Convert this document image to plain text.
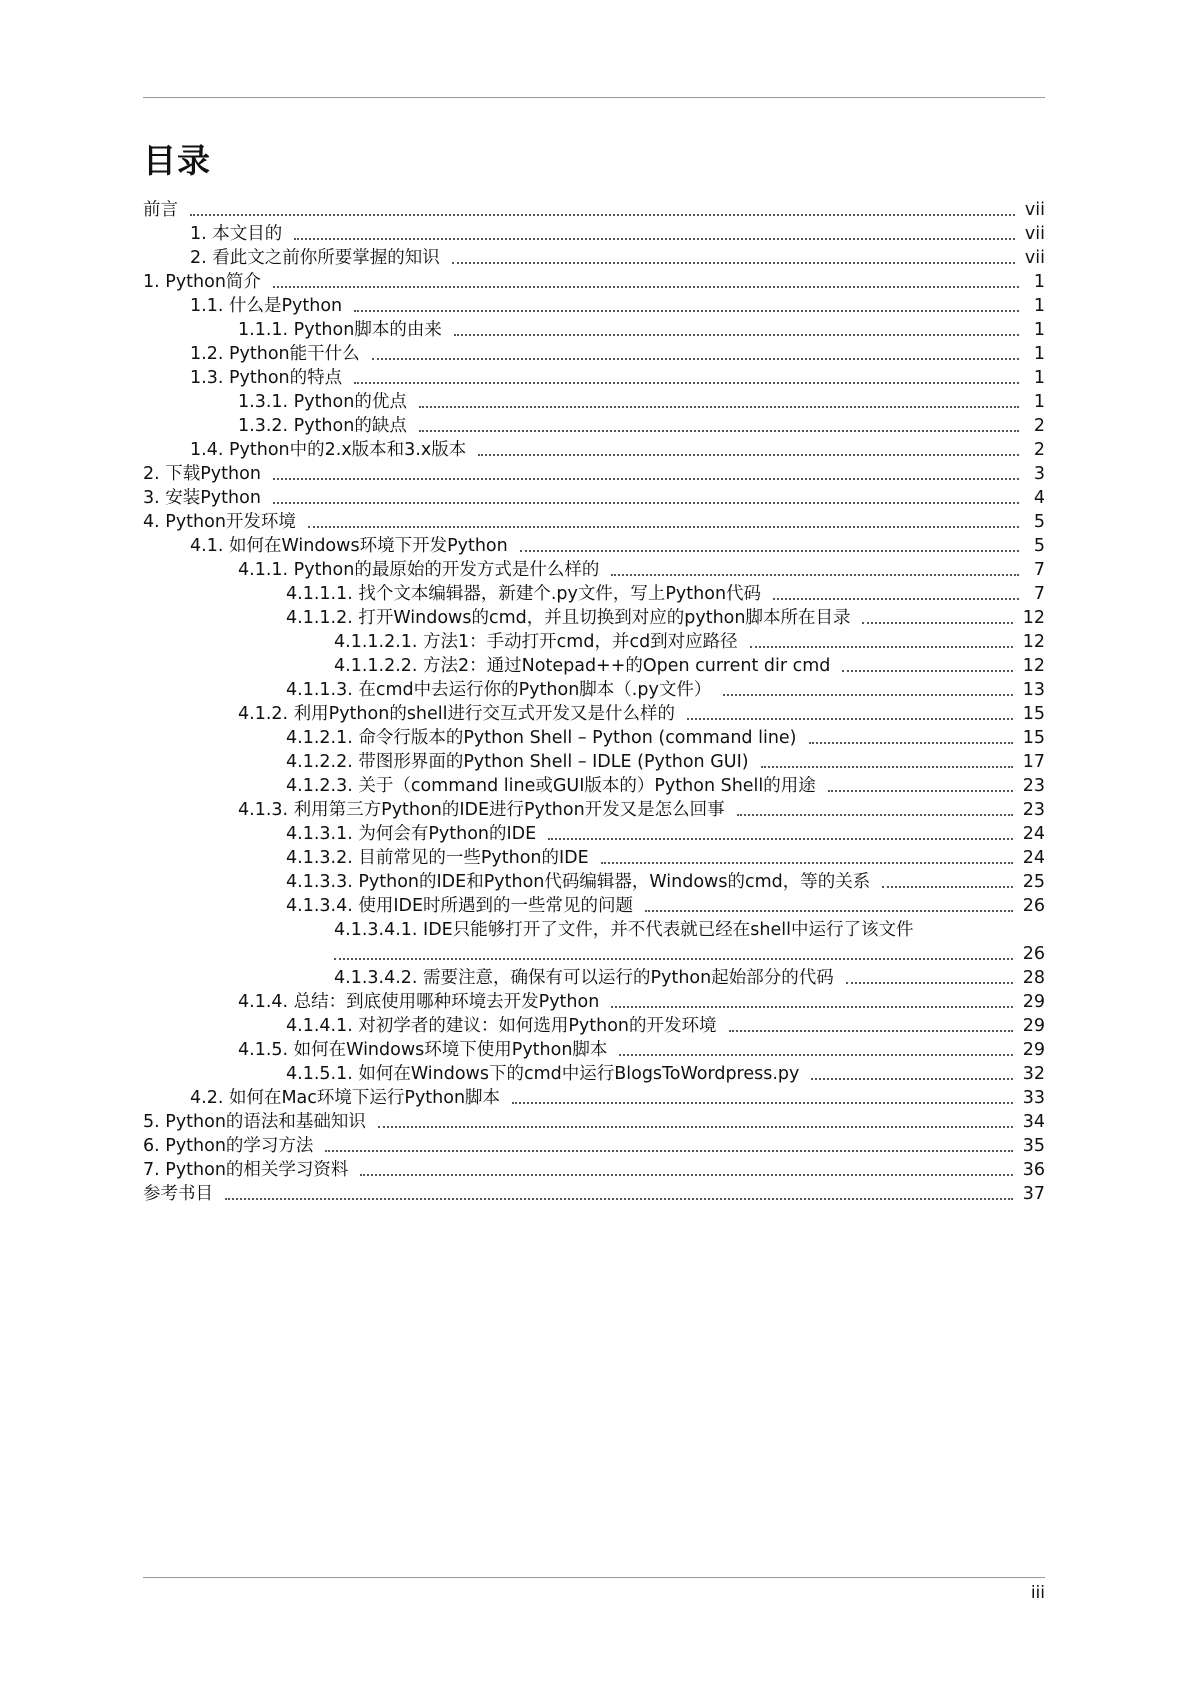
目录
前言	vii
1. 本文目的	vii
2. 看此文之前你所要掌握的知识	vii
1. Python简介	1
1.1. 什么是Python	1
1.1.1. Python脚本的由来	1
1.2. Python能干什么	1
1.3. Python的特点	1
1.3.1. Python的优点	1
1.3.2. Python的缺点	2
1.4. Python中的2.x版本和3.x版本	2
2. 下载Python	3
3. 安装Python	4
4. Python开发环境	5
4.1. 如何在Windows环境下开发Python	5
4.1.1. Python的最原始的开发方式是什么样的	7
4.1.1.1. 找个文本编辑器，新建个.py文件，写上Python代码	7
4.1.1.2. 打开Windows的cmd，并且切换到对应的python脚本所在目录	12
4.1.1.2.1. 方法1：手动打开cmd，并cd到对应路径	12
4.1.1.2.2. 方法2：通过Notepad++的Open current dir cmd	12
4.1.1.3. 在cmd中去运行你的Python脚本（.py文件）	13
4.1.2. 利用Python的shell进行交互式开发又是什么样的	15
4.1.2.1. 命令行版本的Python Shell – Python (command line)	15
4.1.2.2. 带图形界面的Python Shell – IDLE (Python GUI)	17
4.1.2.3. 关于（command line或GUI版本的）Python Shell的用途	23
4.1.3. 利用第三方Python的IDE进行Python开发又是怎么回事	23
4.1.3.1. 为何会有Python的IDE	24
4.1.3.2. 目前常见的一些Python的IDE	24
4.1.3.3. Python的IDE和Python代码编辑器，Windows的cmd，等的关系	25
4.1.3.4. 使用IDE时所遇到的一些常见的问题	26
4.1.3.4.1. IDE只能够打开了文件，并不代表就已经在shell中运行了该文件
26
4.1.3.4.2. 需要注意，确保有可以运行的Python起始部分的代码	28
4.1.4. 总结：到底使用哪种环境去开发Python	29
4.1.4.1. 对初学者的建议：如何选用Python的开发环境	29
4.1.5. 如何在Windows环境下使用Python脚本	29
4.1.5.1. 如何在Windows下的cmd中运行BlogsToWordpress.py	32
4.2. 如何在Mac环境下运行Python脚本	33
5. Python的语法和基础知识	34
6. Python的学习方法	35
7. Python的相关学习资料	36
参考书目	37
iii
